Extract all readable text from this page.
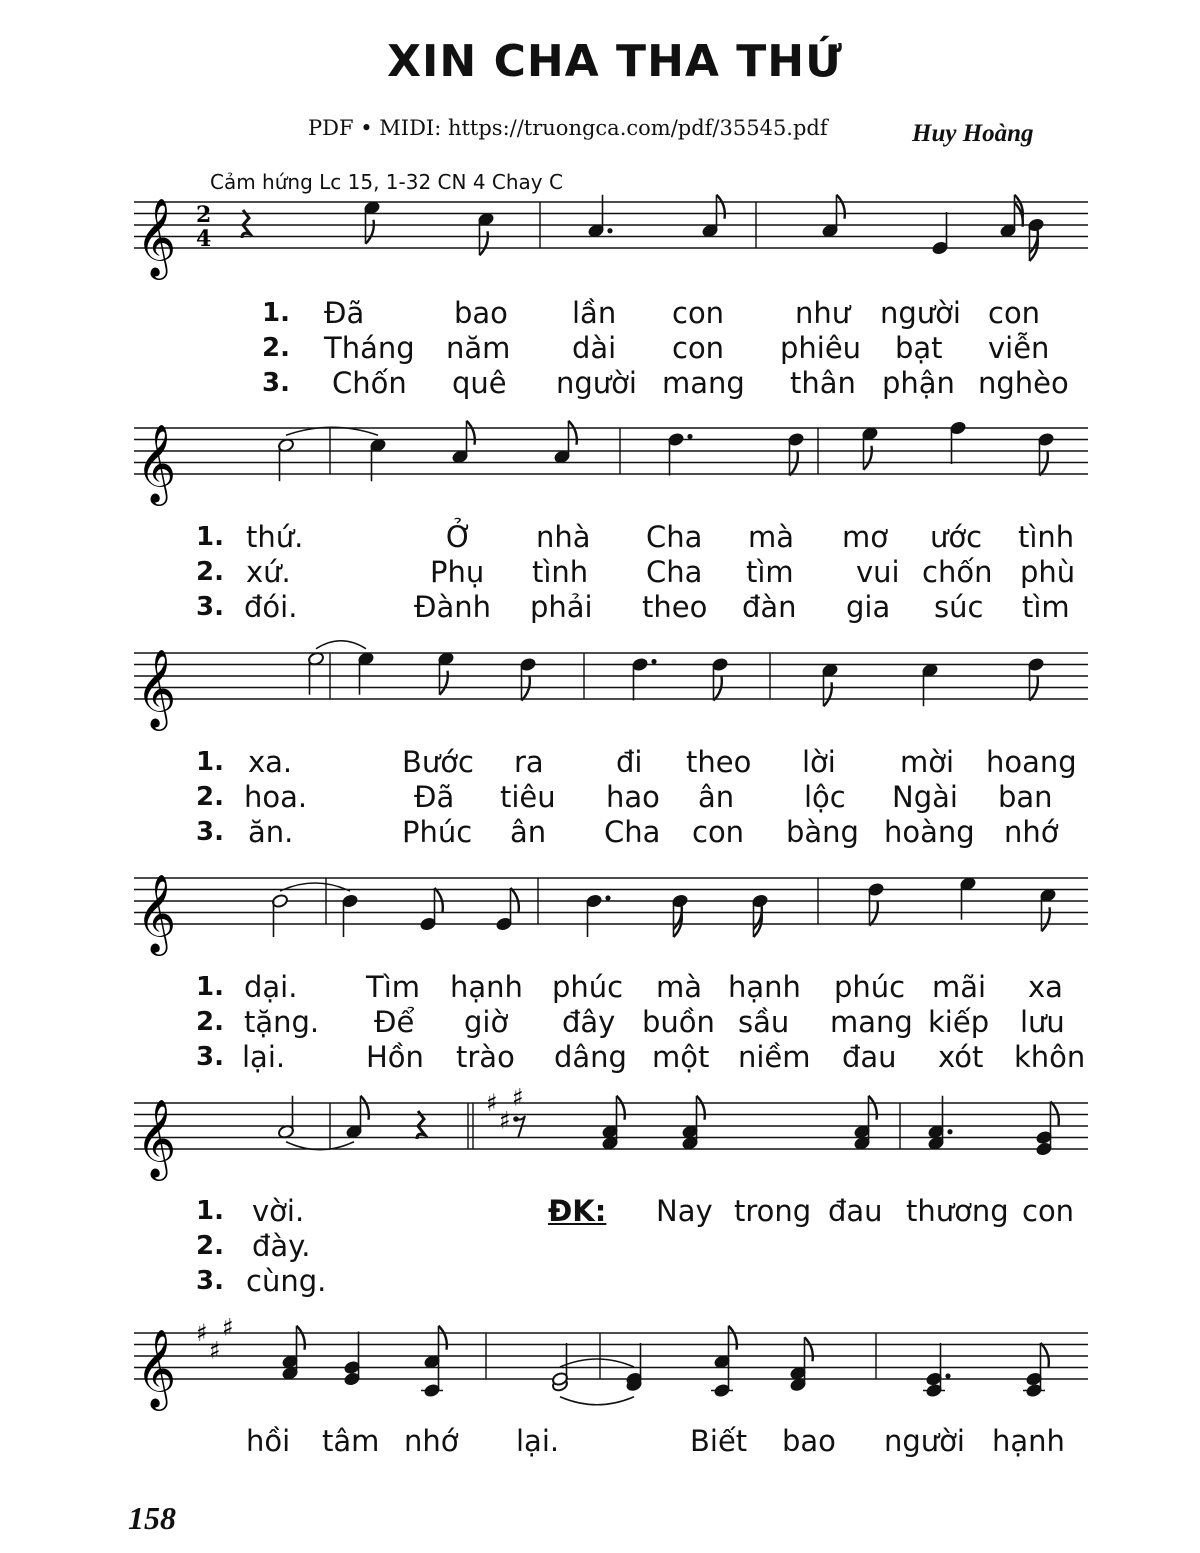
XIN CHA THA THỨ
PDF • MIDI: https://truongca.com/pdf/35545.pdf	Huy Hoàng
Cảm hứng Lc 15, 1-32 CN 4 Chay C
𝄞 2
4
𝄞
𝄞
𝄞
𝄞	♯
♯
♯
𝄞 ♯
♯
♯
158
1. Đã	bao lần con như người con
2. Tháng năm dài con phiêu bạt viễn
3. Chốn quê người mang thân phận nghèo
1. thứ.	Ở nhà Cha mà mơ ước tình
2. xứ.	Phụ tình Cha tìm vui chốn phù
3. đói.	Đành phải theo đàn gia súc tìm
1. xa.	Bước ra đi theo lời mời hoang
2. hoa.	Đã tiêu hao ân lộc Ngài ban
3. ăn.	Phúc ân Cha con bàng hoàng nhớ
1. dại. Tìm hạnh phúc mà hạnh phúc mãi xa
2. tặng. Để giờ đây buồn sầu mang kiếp lưu
3. lại.	Hồn trào dâng một niềm đau xót khôn
1. vời.
2. đày.
3. cùng.
ĐK: Nay trong đau thương con
hồi tâm nhớ lại.	Biết bao người hạnh
